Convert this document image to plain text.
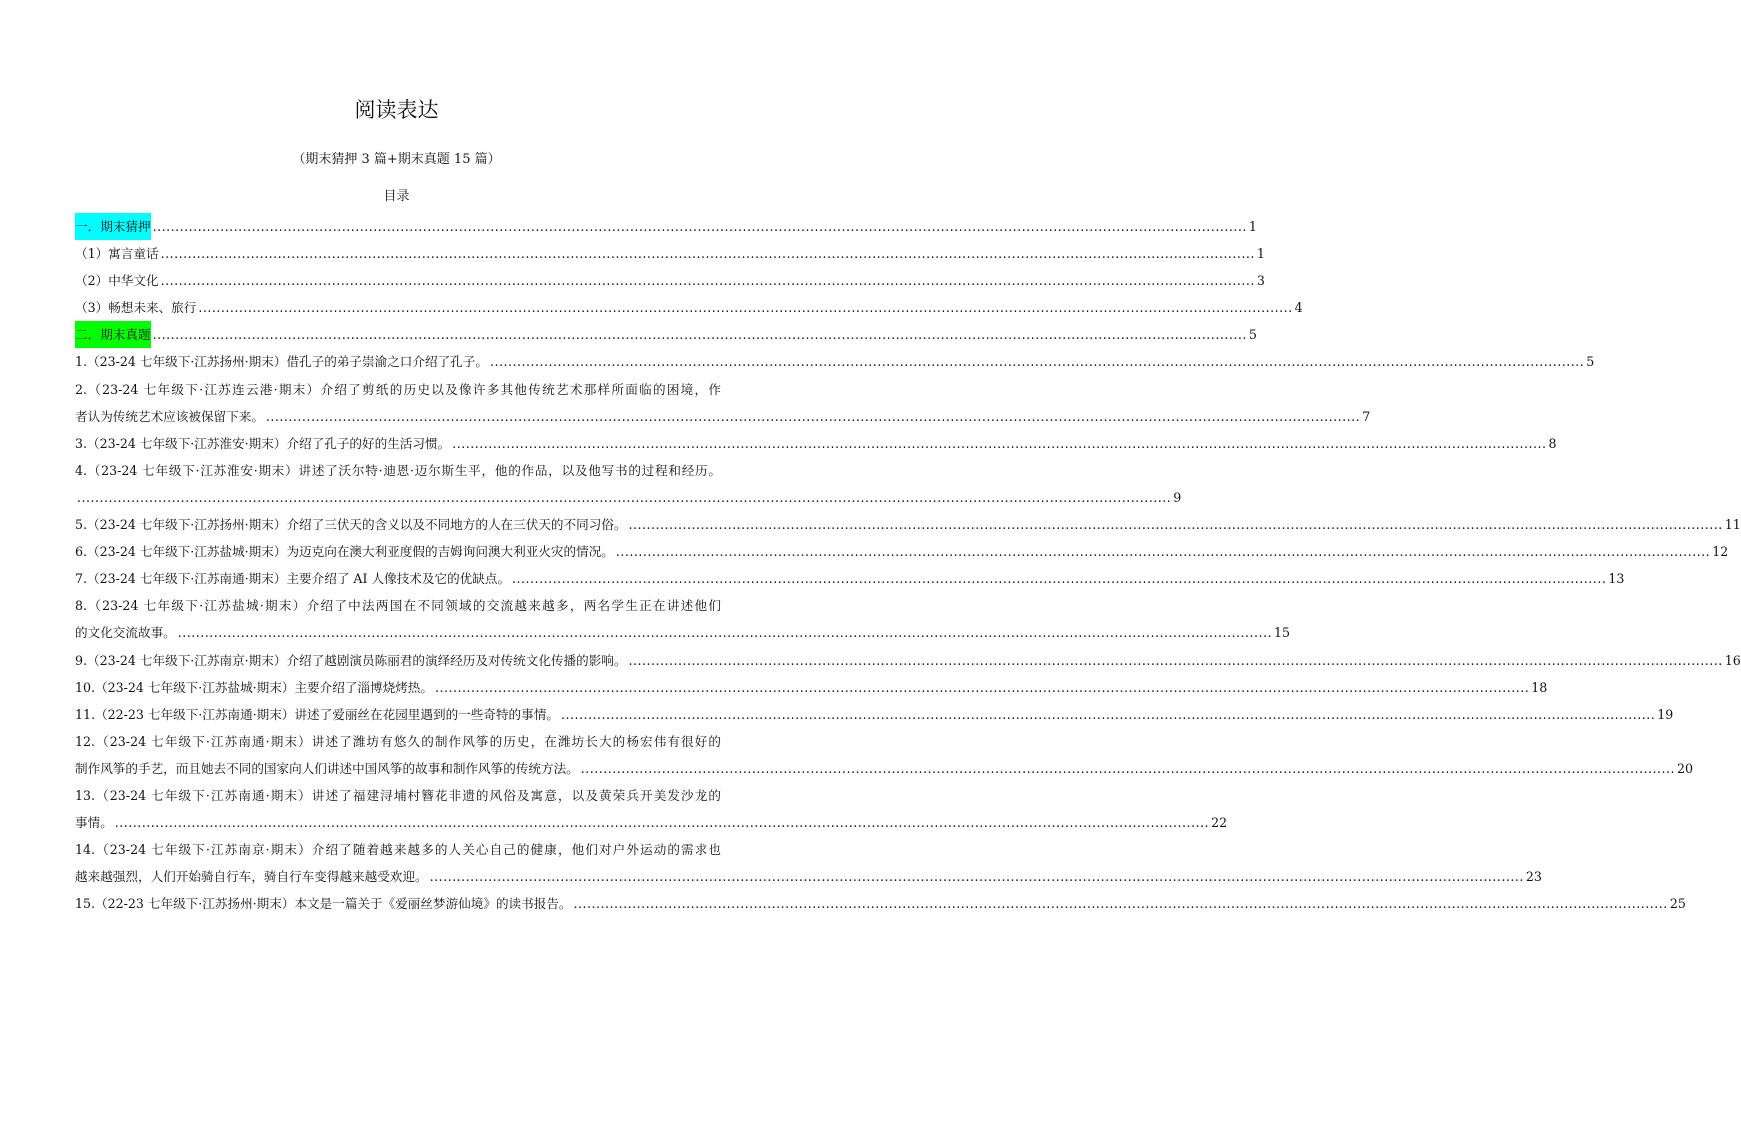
阅读表达
（期末猜押 3 篇+期末真题 15 篇）
目录
一．期末猜押 ................................................................................................................................................................................................................................................... 1
（1）寓言童话 ................................................................................................................................................................................................................................................... 1
（2）中华文化 ................................................................................................................................................................................................................................................... 3
（3）畅想未来、旅行 ................................................................................................................................................................................................................................................... 4
二．期末真题 ................................................................................................................................................................................................................................................... 5
1.（23-24 七年级下·江苏扬州·期末）借孔子的弟子崇渝之口介绍了孔子。 ................................................................................................................................................................................................................................................... 5
2.（23-24 七年级下·江苏连云港·期末）介绍了剪纸的历史以及像许多其他传统艺术那样所面临的困境，作
者认为传统艺术应该被保留下来。 ................................................................................................................................................................................................................................................... 7
3.（23-24 七年级下·江苏淮安·期末）介绍了孔子的好的生活习惯。 ................................................................................................................................................................................................................................................... 8
4.（23-24 七年级下·江苏淮安·期末）讲述了沃尔特·迪恩·迈尔斯生平，他的作品，以及他写书的过程和经历。
................................................................................................................................................................................................................................................... 9
5.（23-24 七年级下·江苏扬州·期末）介绍了三伏天的含义以及不同地方的人在三伏天的不同习俗。 ................................................................................................................................................................................................................................................... 11
6.（23-24 七年级下·江苏盐城·期末）为迈克向在澳大利亚度假的吉姆询问澳大利亚火灾的情况。 ................................................................................................................................................................................................................................................... 12
7.（23-24 七年级下·江苏南通·期末）主要介绍了 AI 人像技术及它的优缺点。 ................................................................................................................................................................................................................................................... 13
8.（23-24 七年级下·江苏盐城·期末）介绍了中法两国在不同领域的交流越来越多，两名学生正在讲述他们
的文化交流故事。 ................................................................................................................................................................................................................................................... 15
9.（23-24 七年级下·江苏南京·期末）介绍了越剧演员陈丽君的演绎经历及对传统文化传播的影响。 ................................................................................................................................................................................................................................................... 16
10.（23-24 七年级下·江苏盐城·期末）主要介绍了淄博烧烤热。 ................................................................................................................................................................................................................................................... 18
11.（22-23 七年级下·江苏南通·期末）讲述了爱丽丝在花园里遇到的一些奇特的事情。 ................................................................................................................................................................................................................................................... 19
12.（23-24 七年级下·江苏南通·期末）讲述了潍坊有悠久的制作风筝的历史，在潍坊长大的杨宏伟有很好的
制作风筝的手艺，而且她去不同的国家向人们讲述中国风筝的故事和制作风筝的传统方法。 ................................................................................................................................................................................................................................................... 20
13.（23-24 七年级下·江苏南通·期末）讲述了福建浔埔村簪花非遗的风俗及寓意，以及黄荣兵开美发沙龙的
事情。 ................................................................................................................................................................................................................................................... 22
14.（23-24 七年级下·江苏南京·期末）介绍了随着越来越多的人关心自己的健康，他们对户外运动的需求也
越来越强烈，人们开始骑自行车，骑自行车变得越来越受欢迎。 ................................................................................................................................................................................................................................................... 23
15.（22-23 七年级下·江苏扬州·期末）本文是一篇关于《爱丽丝梦游仙境》的读书报告。 ................................................................................................................................................................................................................................................... 25
